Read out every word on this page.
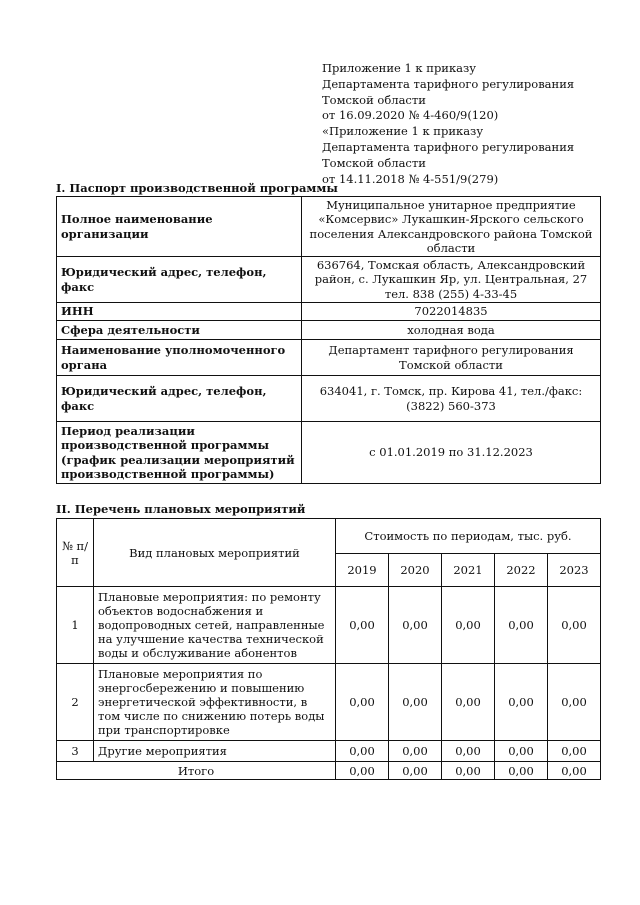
Приложение 1 к приказу
Департамента тарифного регулирования
Томской области
от 16.09.2020 № 4-460/9(120)
«Приложение 1 к приказу
Департамента тарифного регулирования
Томской области
от 14.11.2018 № 4-551/9(279)
I. Паспорт производственной программы
Полное наименование организации	Муниципальное унитарное предприятие «Комсервис» Лукашкин-Ярского сельского поселения Александровского района Томской области
Юридический адрес, телефон, факс	636764, Томская область, Александровский район, с. Лукашкин Яр, ул. Центральная, 27 тел. 838 (255) 4-33-45
ИНН	7022014835
Сфера деятельности	холодная вода
Наименование уполномоченного органа	Департамент тарифного регулирования Томской области
Юридический адрес, телефон, факс	634041, г. Томск, пр. Кирова 41, тел./факс: (3822) 560-373
Период реализации производственной программы (график реализации мероприятий производственной программы)	с 01.01.2019 по 31.12.2023
II. Перечень плановых мероприятий
№ п/п	Вид плановых мероприятий	Стоимость по периодам, тыс. руб.				
		2019	2020	2021	2022	2023
1	Плановые мероприятия: по ремонту объектов водоснабжения и водопроводных сетей, направленные на улучшение качества технической воды и обслуживание абонентов	0,00	0,00	0,00	0,00	0,00
2	Плановые мероприятия по энергосбережению и повышению энергетической эффективности, в том числе по снижению потерь воды при транспортировке	0,00	0,00	0,00	0,00	0,00
3	Другие мероприятия	0,00	0,00	0,00	0,00	0,00
Итого		0,00	0,00	0,00	0,00	0,00
